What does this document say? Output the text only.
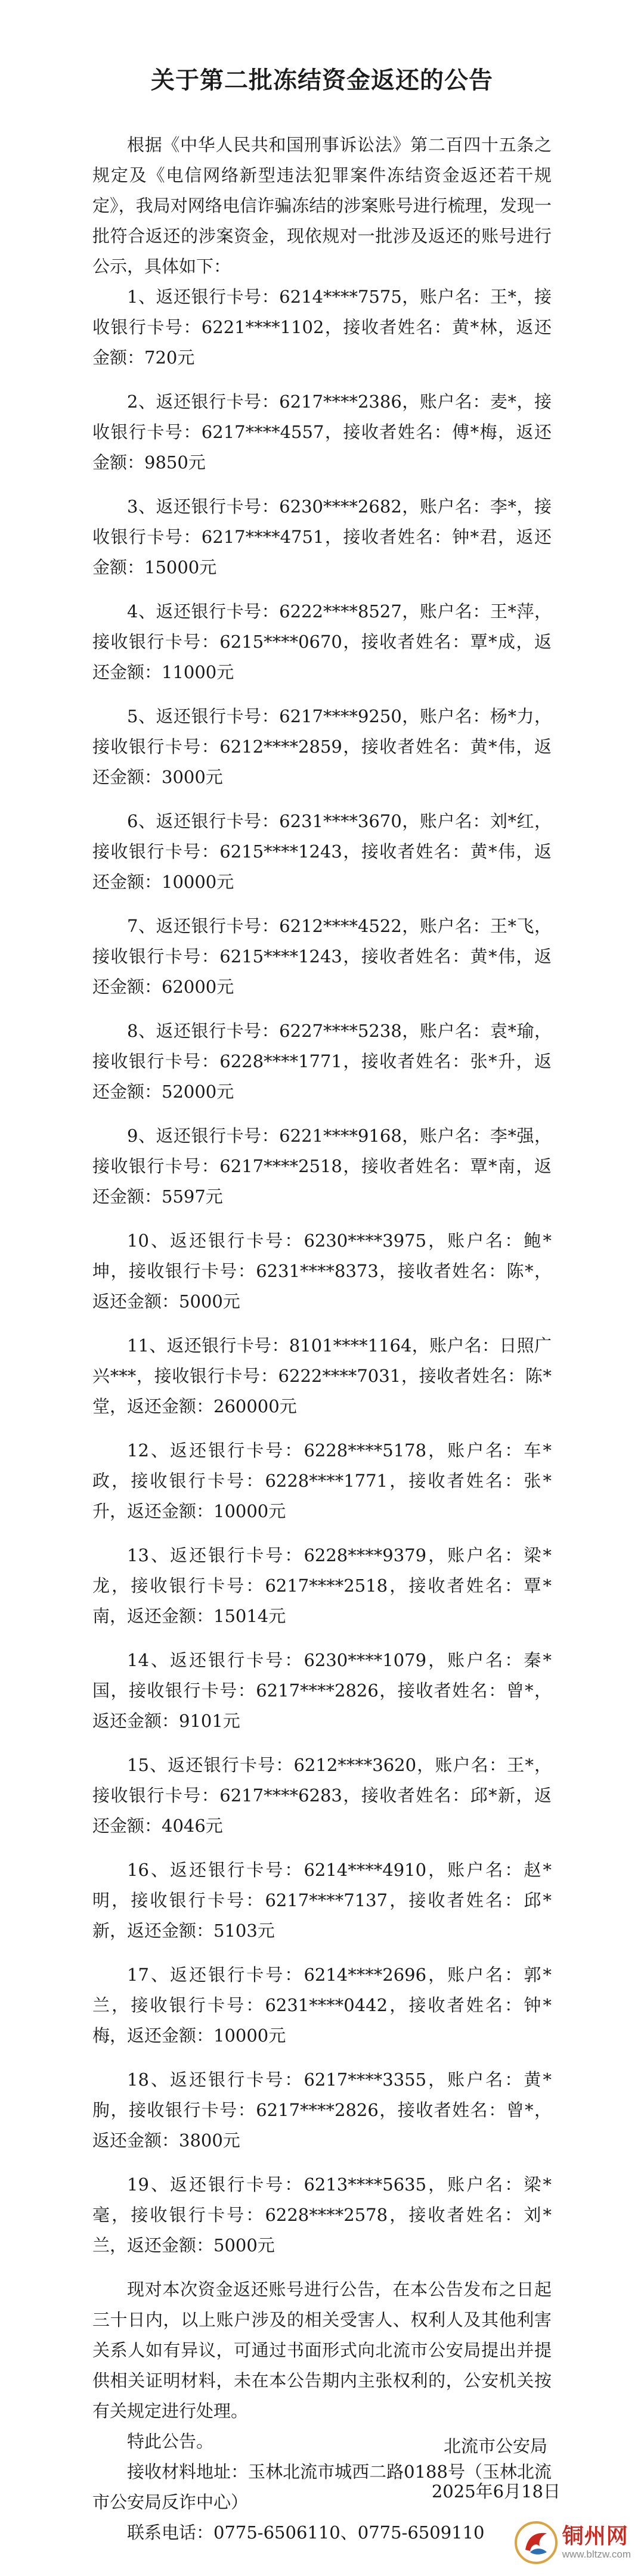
关于第二批冻结资金返还的公告

根据《中华人民共和国刑事诉讼法》第二百四十五条之规定及《电信网络新型违法犯罪案件冻结资金返还若干规定》，我局对网络电信诈骗冻结的涉案账号进行梳理，发现一批符合返还的涉案资金，现依规对一批涉及返还的账号进行公示，具体如下：

1、返还银行卡号：6214****7575，账户名：王*，接收银行卡号：6221****1102，接收者姓名：黄*林，返还金额：720元

2、返还银行卡号：6217****2386，账户名：麦*，接收银行卡号：6217****4557，接收者姓名：傅*梅，返还金额：9850元

3、返还银行卡号：6230****2682，账户名：李*，接收银行卡号：6217****4751，接收者姓名：钟*君，返还金额：15000元

4、返还银行卡号：6222****8527，账户名：王*萍，接收银行卡号：6215****0670，接收者姓名：覃*成，返还金额：11000元

5、返还银行卡号：6217****9250，账户名：杨*力，接收银行卡号：6212****2859，接收者姓名：黄*伟，返还金额：3000元

6、返还银行卡号：6231****3670，账户名：刘*红，接收银行卡号：6215****1243，接收者姓名：黄*伟，返还金额：10000元

7、返还银行卡号：6212****4522，账户名：王*飞，接收银行卡号：6215****1243，接收者姓名：黄*伟，返还金额：62000元

8、返还银行卡号：6227****5238，账户名：袁*瑜，接收银行卡号：6228****1771，接收者姓名：张*升，返还金额：52000元

9、返还银行卡号：6221****9168，账户名：李*强，接收银行卡号：6217****2518，接收者姓名：覃*南，返还金额：5597元

10、返还银行卡号：6230****3975，账户名：鲍*坤，接收银行卡号：6231****8373，接收者姓名：陈*，返还金额：5000元

11、返还银行卡号：8101****1164，账户名：日照广兴***，接收银行卡号：6222****7031，接收者姓名：陈*堂，返还金额：260000元

12、返还银行卡号：6228****5178，账户名：车*政，接收银行卡号：6228****1771，接收者姓名：张*升，返还金额：10000元

13、返还银行卡号：6228****9379，账户名：梁*龙，接收银行卡号：6217****2518，接收者姓名：覃*南，返还金额：15014元

14、返还银行卡号：6230****1079，账户名：秦*国，接收银行卡号：6217****2826，接收者姓名：曾*，返还金额：9101元

15、返还银行卡号：6212****3620，账户名：王*，接收银行卡号：6217****6283，接收者姓名：邱*新，返还金额：4046元

16、返还银行卡号：6214****4910，账户名：赵*明，接收银行卡号：6217****7137，接收者姓名：邱*新，返还金额：5103元

17、返还银行卡号：6214****2696，账户名：郭*兰，接收银行卡号：6231****0442，接收者姓名：钟*梅，返还金额：10000元

18、返还银行卡号：6217****3355，账户名：黄*朐，接收银行卡号：6217****2826，接收者姓名：曾*，返还金额：3800元

19、返还银行卡号：6213****5635，账户名：梁*毫，接收银行卡号：6228****2578，接收者姓名：刘*兰，返还金额：5000元

现对本次资金返还账号进行公告，在本公告发布之日起三十日内，以上账户涉及的相关受害人、权利人及其他利害关系人如有异议，可通过书面形式向北流市公安局提出并提供相关证明材料，未在本公告期内主张权利的，公安机关按有关规定进行处理。

特此公告。

接收材料地址：玉林北流市城西二路0188号（玉林北流市公安局反诈中心）

联系电话：0775-6506110、0775-6509110

北流市公安局
2025年6月18日
铜州网
www.bltzw.com
